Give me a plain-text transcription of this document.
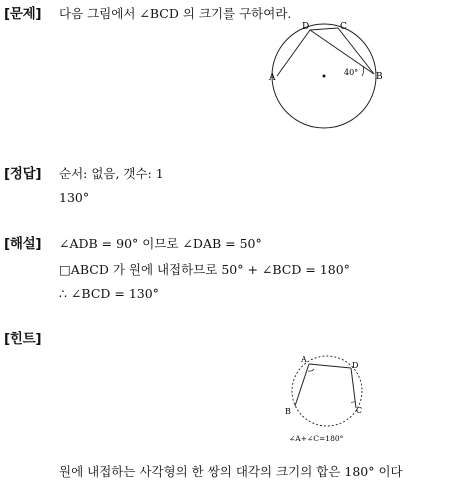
[문제] 다음 그림에서 ∠BCD 의 크기를 구하여라.
A
D	C
B
40°
[정답] 순서: 없음, 갯수: 1
130°
[해설] ∠ADB = 90° 이므로 ∠DAB = 50°
□ABCD 가 원에 내접하므로 50° + ∠BCD = 180°
∴ ∠BCD = 130°
[힌트]
A
D
B	C
∠A+∠C=180°
원에 내접하는 사각형의 한 쌍의 대각의 크기의 합은 180° 이다
